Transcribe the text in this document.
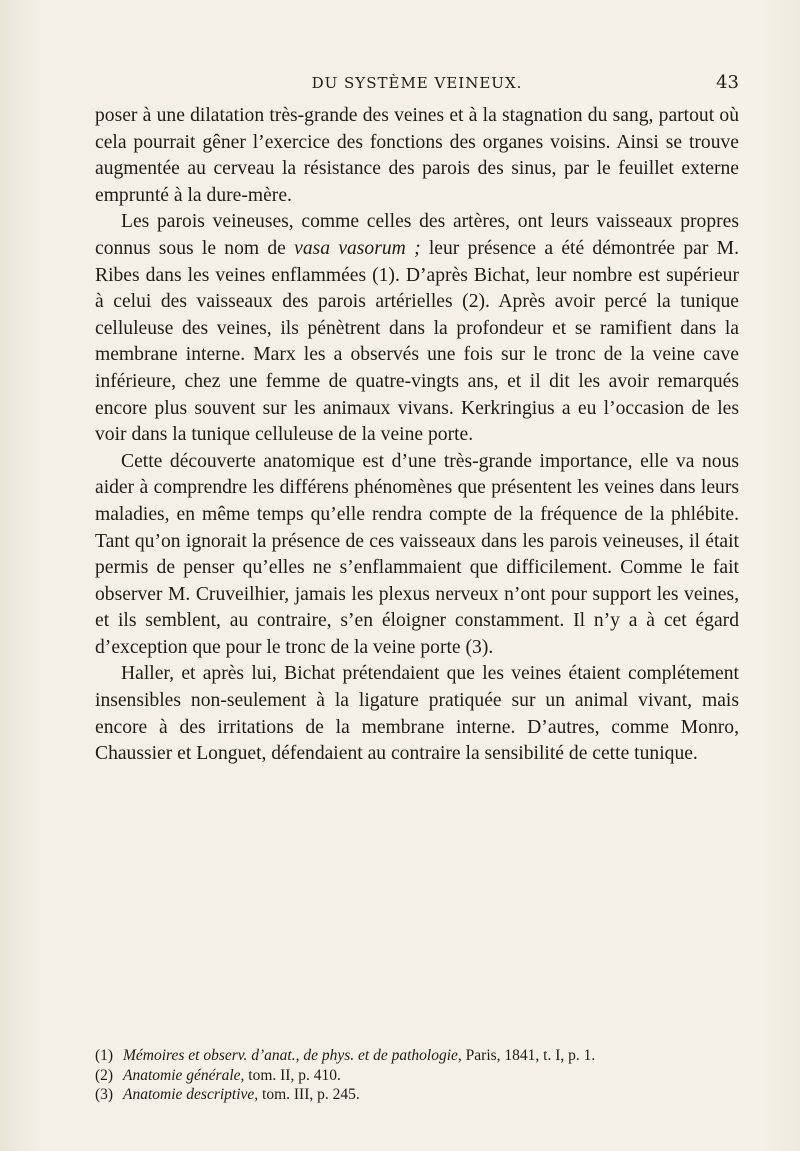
DU SYSTÈME VEINEUX.	43

poser à une dilatation très-grande des veines et à la stagnation du sang, partout où cela pourrait gêner l’exercice des fonctions des organes voisins. Ainsi se trouve augmentée au cerveau la résistance des parois des sinus, par le feuillet externe emprunté à la dure-mère.

Les parois veineuses, comme celles des artères, ont leurs vaisseaux propres connus sous le nom de vasa vasorum ; leur présence a été démontrée par M. Ribes dans les veines enflammées (1). D’après Bichat, leur nombre est supérieur à celui des vaisseaux des parois artérielles (2). Après avoir percé la tunique celluleuse des veines, ils pénètrent dans la profondeur et se ramifient dans la membrane interne. Marx les a observés une fois sur le tronc de la veine cave inférieure, chez une femme de quatre-vingts ans, et il dit les avoir remarqués encore plus souvent sur les animaux vivans. Kerkringius a eu l’occasion de les voir dans la tunique celluleuse de la veine porte.

Cette découverte anatomique est d’une très-grande importance, elle va nous aider à comprendre les différens phénomènes que présentent les veines dans leurs maladies, en même temps qu’elle rendra compte de la fréquence de la phlébite. Tant qu’on ignorait la présence de ces vaisseaux dans les parois veineuses, il était permis de penser qu’elles ne s’enflammaient que difficilement. Comme le fait observer M. Cruveilhier, jamais les plexus nerveux n’ont pour support les veines, et ils semblent, au contraire, s’en éloigner constamment. Il n’y a à cet égard d’exception que pour le tronc de la veine porte (3).

Haller, et après lui, Bichat prétendaient que les veines étaient complétement insensibles non-seulement à la ligature pratiquée sur un animal vivant, mais encore à des irritations de la membrane interne. D’autres, comme Monro, Chaussier et Longuet, défendaient au contraire la sensibilité de cette tunique.

(1) Mémoires et observ. d’anat., de phys. et de pathologie, Paris, 1841, t. I, p. 1.
(2) Anatomie générale, tom. II, p. 410.
(3) Anatomie descriptive, tom. III, p. 245.
